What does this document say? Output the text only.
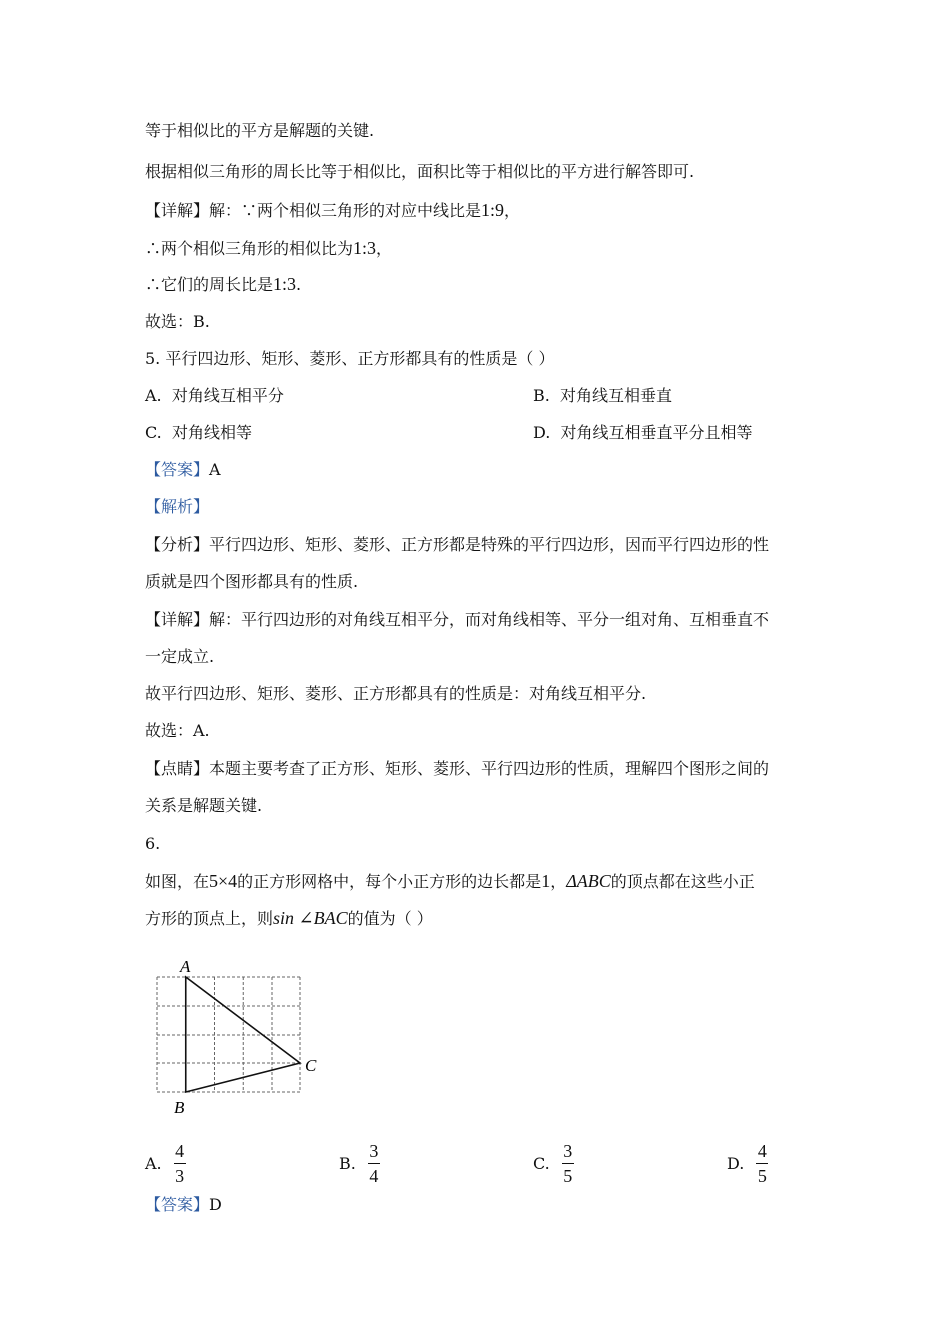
等于相似比的平方是解题的关键.
根据相似三角形的周长比等于相似比，面积比等于相似比的平方进行解答即可.
【详解】解：∵两个相似三角形的对应中线比是1:9，
∴两个相似三角形的相似比为1:3，
∴它们的周长比是1:3.
故选：B.
5. 平行四边形、矩形、菱形、正方形都具有的性质是（ ）
A. 对角线互相平分	B. 对角线互相垂直
C. 对角线相等	D. 对角线互相垂直平分且相等
【答案】A
【解析】
【分析】平行四边形、矩形、菱形、正方形都是特殊的平行四边形，因而平行四边形的性
质就是四个图形都具有的性质.
【详解】解：平行四边形的对角线互相平分，而对角线相等、平分一组对角、互相垂直不
一定成立.
故平行四边形、矩形、菱形、正方形都具有的性质是：对角线互相平分.
故选：A.
【点睛】本题主要考查了正方形、矩形、菱形、平行四边形的性质，理解四个图形之间的
关系是解题关键.
6.
如图，在5×4的正方形网格中，每个小正方形的边长都是1，ΔABC的顶点都在这些小正
方形的顶点上，则sin ∠BAC的值为（ ）
A
B
C
A. $\frac{4}{3}$	B. $\frac{3}{4}$	C. $\frac{3}{5}$	D. $\frac{4}{5}$
【答案】D
